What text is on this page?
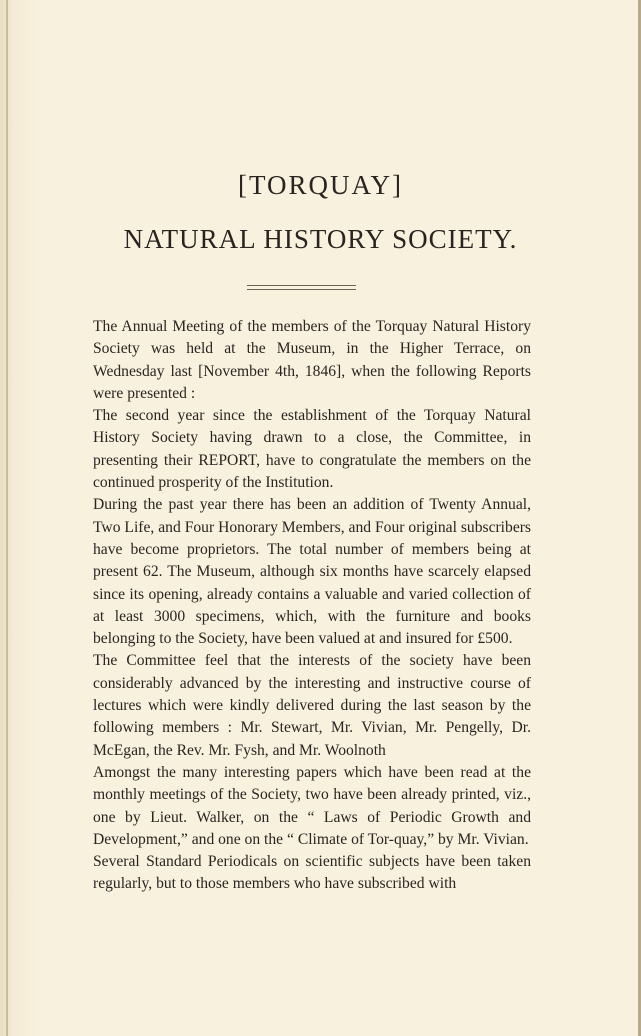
[TORQUAY]
NATURAL HISTORY SOCIETY.

The Annual Meeting of the members of the Torquay Natural History Society was held at the Museum, in the Higher Terrace, on Wednesday last [November 4th, 1846], when the following Reports were presented :

The second year since the establishment of the Torquay Natural History Society having drawn to a close, the Committee, in presenting their REPORT, have to congratulate the members on the continued prosperity of the Institution.

During the past year there has been an addition of Twenty Annual, Two Life, and Four Honorary Members, and Four original subscribers have become proprietors. The total number of members being at present 62. The Museum, although six months have scarcely elapsed since its opening, already contains a valuable and varied collection of at least 3000 specimens, which, with the furniture and books belonging to the Society, have been valued at and insured for £500.

The Committee feel that the interests of the society have been considerably advanced by the interesting and instructive course of lectures which were kindly delivered during the last season by the following members : Mr. Stewart, Mr. Vivian, Mr. Pengelly, Dr. McEgan, the Rev. Mr. Fysh, and Mr. Woolnoth

Amongst the many interesting papers which have been read at the monthly meetings of the Society, two have been already printed, viz., one by Lieut. Walker, on the “ Laws of Periodic Growth and Development,” and one on the “ Climate of Tor-quay,” by Mr. Vivian.

Several Standard Periodicals on scientific subjects have been taken regularly, but to those members who have subscribed with
